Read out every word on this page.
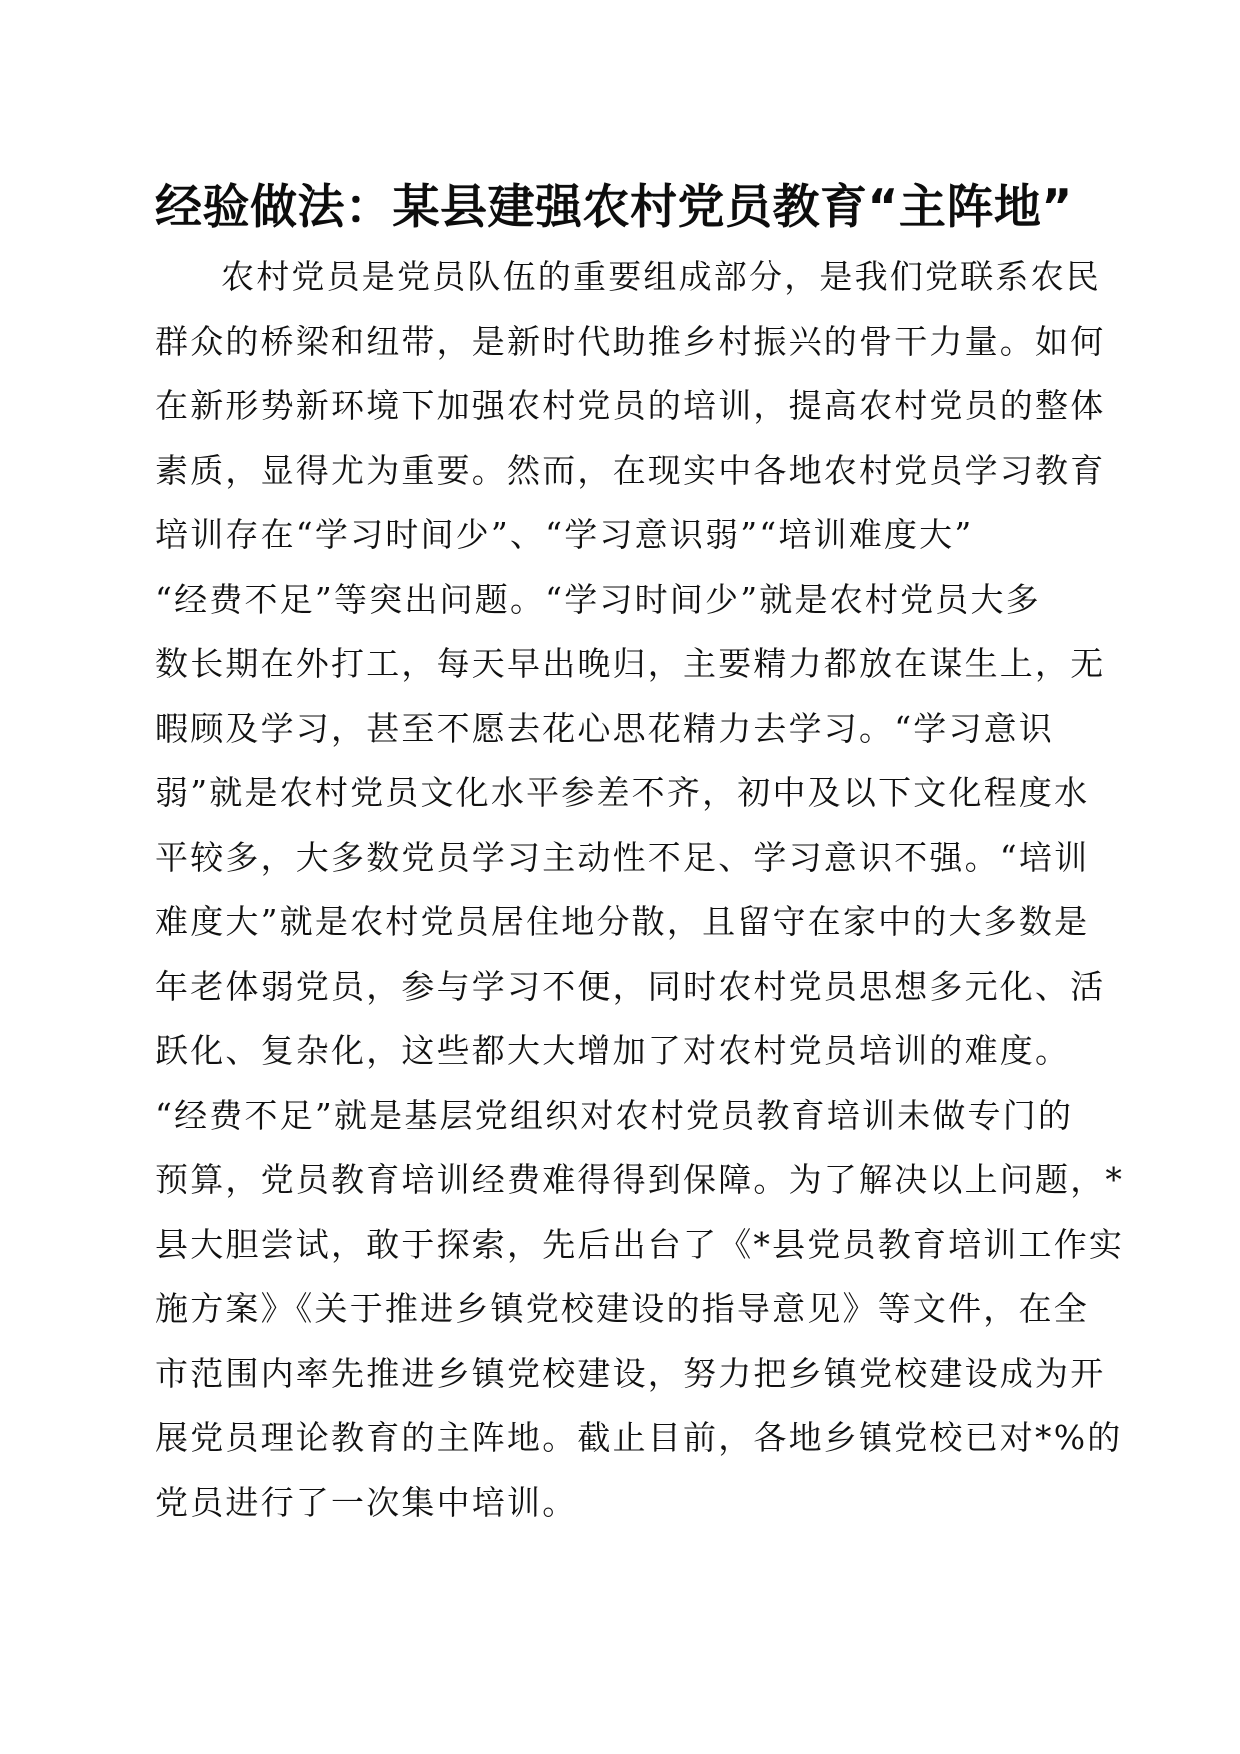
经验做法：某县建强农村党员教育“主阵地”
农村党员是党员队伍的重要组成部分，是我们党联系农民
群众的桥梁和纽带，是新时代助推乡村振兴的骨干力量。如何
在新形势新环境下加强农村党员的培训，提高农村党员的整体
素质，显得尤为重要。然而，在现实中各地农村党员学习教育
培训存在“学习时间少”、“学习意识弱”“培训难度大”
“经费不足”等突出问题。“学习时间少”就是农村党员大多
数长期在外打工，每天早出晚归，主要精力都放在谋生上，无
暇顾及学习，甚至不愿去花心思花精力去学习。“学习意识
弱”就是农村党员文化水平参差不齐，初中及以下文化程度水
平较多，大多数党员学习主动性不足、学习意识不强。“培训
难度大”就是农村党员居住地分散，且留守在家中的大多数是
年老体弱党员，参与学习不便，同时农村党员思想多元化、活
跃化、复杂化，这些都大大增加了对农村党员培训的难度。
“经费不足”就是基层党组织对农村党员教育培训未做专门的
预算，党员教育培训经费难得得到保障。为了解决以上问题，*
县大胆尝试，敢于探索，先后出台了《*县党员教育培训工作实
施方案》《关于推进乡镇党校建设的指导意见》等文件，在全
市范围内率先推进乡镇党校建设，努力把乡镇党校建设成为开
展党员理论教育的主阵地。截止目前，各地乡镇党校已对*%的
党员进行了一次集中培训。
